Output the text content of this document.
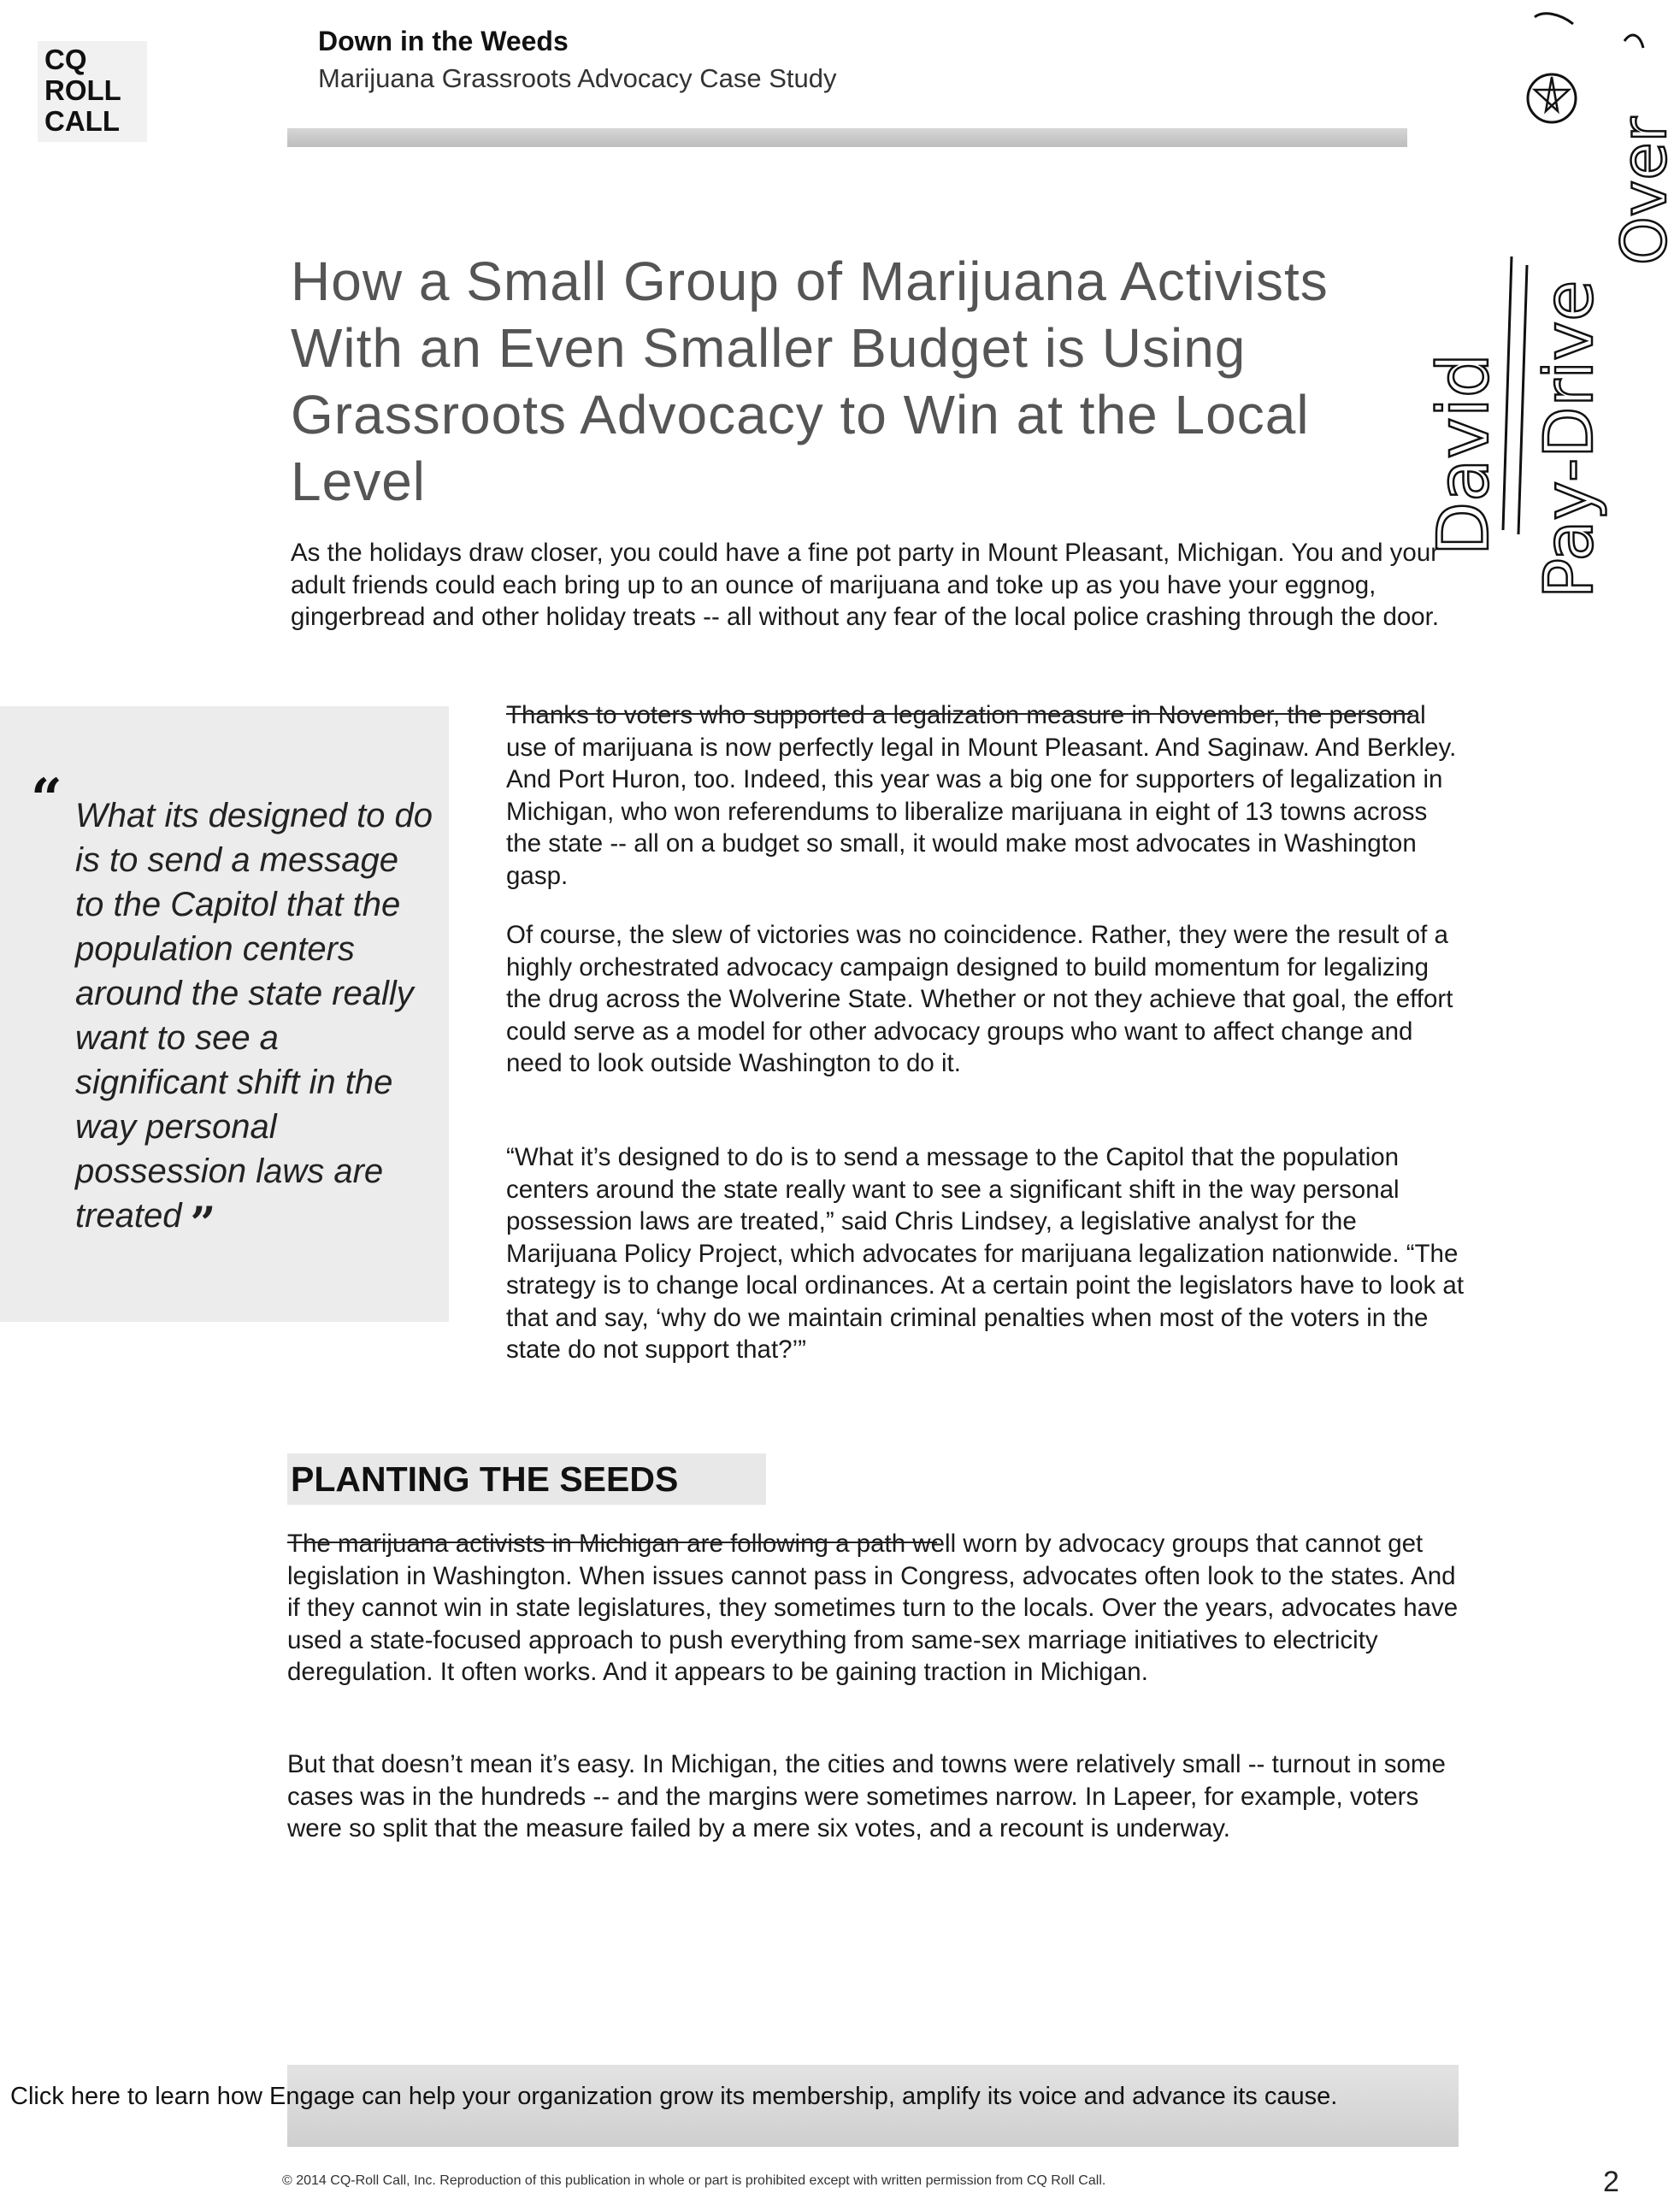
CQ
ROLL
CALL
Down in the Weeds
Marijuana Grassroots Advocacy Case Study
How a Small Group of Marijuana Activists With an Even Smaller Budget is Using Grassroots Advocacy to Win at the Local Level

As the holidays draw closer, you could have a fine pot party in Mount Pleasant, Michigan. You and your adult friends could each bring up to an ounce of marijuana and toke up as you have your eggnog, gingerbread and other holiday treats -- all without any fear of the local police crashing through the door.

“ What its designed to do is to send a message to the Capitol that the population centers around the state really want to see a significant shift in the way personal possession laws are treated ”

Thanks to voters who supported a legalization measure in November, the personal use of marijuana is now perfectly legal in Mount Pleasant. And Saginaw. And Berkley. And Port Huron, too. Indeed, this year was a big one for supporters of legalization in Michigan, who won referendums to liberalize marijuana in eight of 13 towns across the state -- all on a budget so small, it would make most advocates in Washington gasp.

Of course, the slew of victories was no coincidence. Rather, they were the result of a highly orchestrated advocacy campaign designed to build momentum for legalizing the drug across the Wolverine State. Whether or not they achieve that goal, the effort could serve as a model for other advocacy groups who want to affect change and need to look outside Washington to do it.

“What it’s designed to do is to send a message to the Capitol that the population centers around the state really want to see a significant shift in the way personal possession laws are treated,” said Chris Lindsey, a legislative analyst for the Marijuana Policy Project, which advocates for marijuana legalization nationwide. “The strategy is to change local ordinances. At a certain point the legislators have to look at that and say, ‘why do we maintain criminal penalties when most of the voters in the state do not support that?’”

PLANTING THE SEEDS

The marijuana activists in Michigan are following a path well worn by advocacy groups that cannot get legislation in Washington. When issues cannot pass in Congress, advocates often look to the states. And if they cannot win in state legislatures, they sometimes turn to the locals. Over the years, advocates have used a state-focused approach to push everything from same-sex marriage initiatives to electricity deregulation. It often works. And it appears to be gaining traction in Michigan.

But that doesn’t mean it’s easy. In Michigan, the cities and towns were relatively small -- turnout in some cases was in the hundreds -- and the margins were sometimes narrow. In Lapeer, for example, voters were so split that the measure failed by a mere six votes, and a recount is underway.

Click here to learn how Engage can help your organization grow its membership, amplify its voice and advance its cause.

© 2014 CQ-Roll Call, Inc. Reproduction of this publication in whole or part is prohibited except with written permission from CQ Roll Call.	2
David Pay-Drive
Over
